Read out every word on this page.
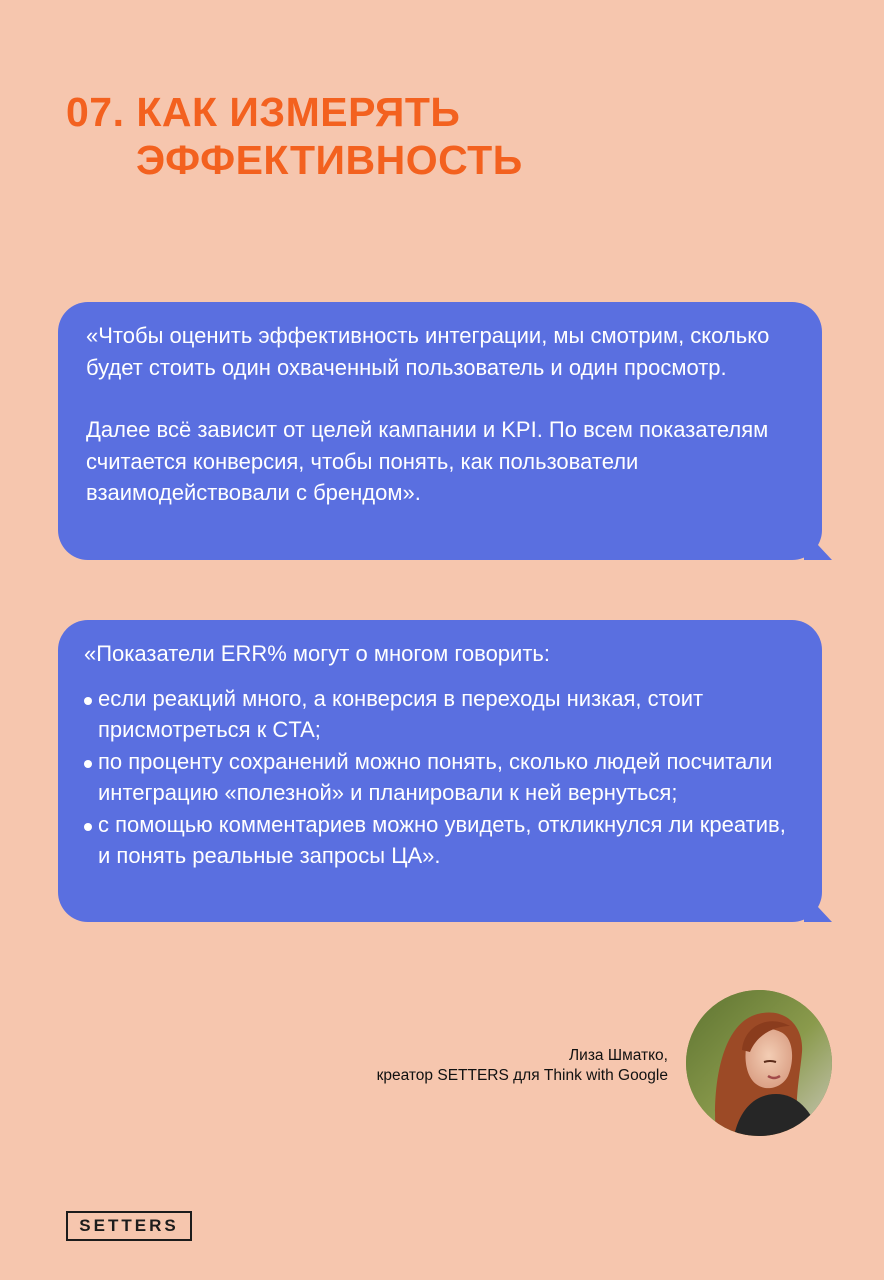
07. КАК ИЗМЕРЯТЬ
ЭФФЕКТИВНОСТЬ

«Чтобы оценить эффективность интеграции, мы смотрим, сколько будет стоить один охваченный пользователь и один просмотр.

Далее всё зависит от целей кампании и KPI. По всем показателям считается конверсия, чтобы понять, как пользователи взаимодействовали с брендом».

«Показатели ERR% могут о многом говорить:

если реакций много, а конверсия в переходы низкая, стоит присмотреться к CTA;
по проценту сохранений можно понять, сколько людей посчитали интеграцию «полезной» и планировали к ней вернуться;
с помощью комментариев можно увидеть, откликнулся ли креатив, и понять реальные запросы ЦА».
Лиза Шматко,
креатор SETTERS для Think with Google
SETTERS
